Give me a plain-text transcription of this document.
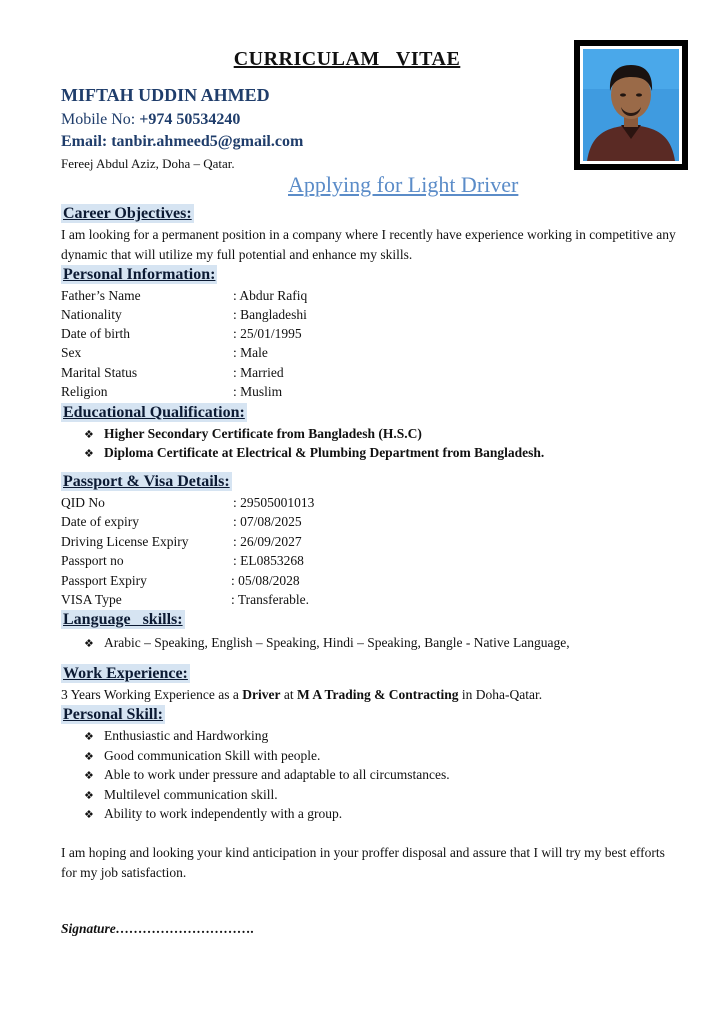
CURRICULAM   VITAE
MIFTAH UDDIN AHMED
Mobile No: +974 50534240
Email: tanbir.ahmeed5@gmail.com
Fereej Abdul Aziz, Doha – Qatar.
Applying for Light Driver
Career Objectives:
I am looking for a permanent position in a company where I recently have experience working in competitive any dynamic that will utilize my full potential and enhance my skills.
Personal Information:
Father’s Name	: Abdur Rafiq
Nationality	: Bangladeshi
Date of birth	: 25/01/1995
Sex	: Male
Marital Status	: Married
Religion	: Muslim
Educational Qualification:
❖ Higher Secondary Certificate from Bangladesh (H.S.C)
❖ Diploma Certificate at Electrical & Plumbing Department from Bangladesh.
Passport & Visa Details:
QID No	: 29505001013
Date of expiry	: 07/08/2025
Driving License Expiry	: 26/09/2027
Passport no	: EL0853268
Passport Expiry	: 05/08/2028
VISA Type	: Transferable.
Language   skills:
❖ Arabic – Speaking, English – Speaking, Hindi – Speaking, Bangle - Native Language,
Work Experience:
3 Years Working Experience as a Driver at M A Trading & Contracting in Doha-Qatar.
Personal Skill:
❖ Enthusiastic and Hardworking
❖ Good communication Skill with people.
❖ Able to work under pressure and adaptable to all circumstances.
❖ Multilevel communication skill.
❖ Ability to work independently with a group.
I am hoping and looking your kind anticipation in your proffer disposal and assure that I will try my best efforts for my job satisfaction.
Signature………………………….
